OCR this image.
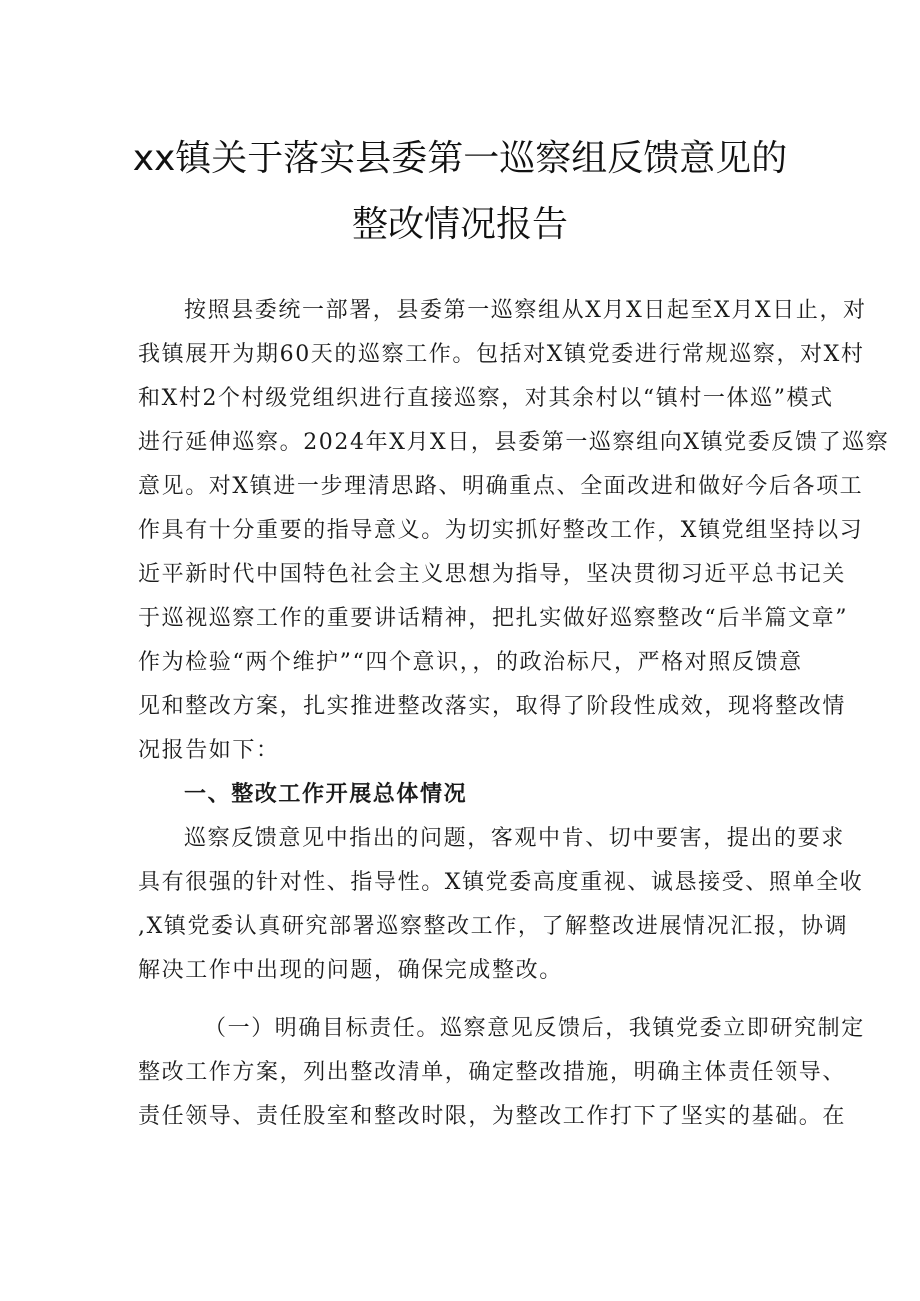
xx镇关于落实县委第一巡察组反馈意见的
整改情况报告
按照县委统一部署，县委第一巡察组从X月X日起至X月X日止，对
我镇展开为期60天的巡察工作。包括对X镇党委进行常规巡察，对X村
和X村2个村级党组织进行直接巡察，对其余村以“镇村一体巡”模式
进行延伸巡察。2024年X月X日，县委第一巡察组向X镇党委反馈了巡察
意见。对X镇进一步理清思路、明确重点、全面改进和做好今后各项工
作具有十分重要的指导意义。为切实抓好整改工作，X镇党组坚持以习
近平新时代中国特色社会主义思想为指导，坚决贯彻习近平总书记关
于巡视巡察工作的重要讲话精神，把扎实做好巡察整改“后半篇文章”
作为检验“两个维护”“四个意识，，的政治标尺，严格对照反馈意
见和整改方案，扎实推进整改落实，取得了阶段性成效，现将整改情
况报告如下：
一、整改工作开展总体情况
巡察反馈意见中指出的问题，客观中肯、切中要害，提出的要求
具有很强的针对性、指导性。X镇党委高度重视、诚恳接受、照单全收
,X镇党委认真研究部署巡察整改工作，了解整改进展情况汇报，协调
解决工作中出现的问题，确保完成整改。
（一）明确目标责任。巡察意见反馈后，我镇党委立即研究制定
整改工作方案，列出整改清单，确定整改措施，明确主体责任领导、
责任领导、责任股室和整改时限，为整改工作打下了坚实的基础。在
